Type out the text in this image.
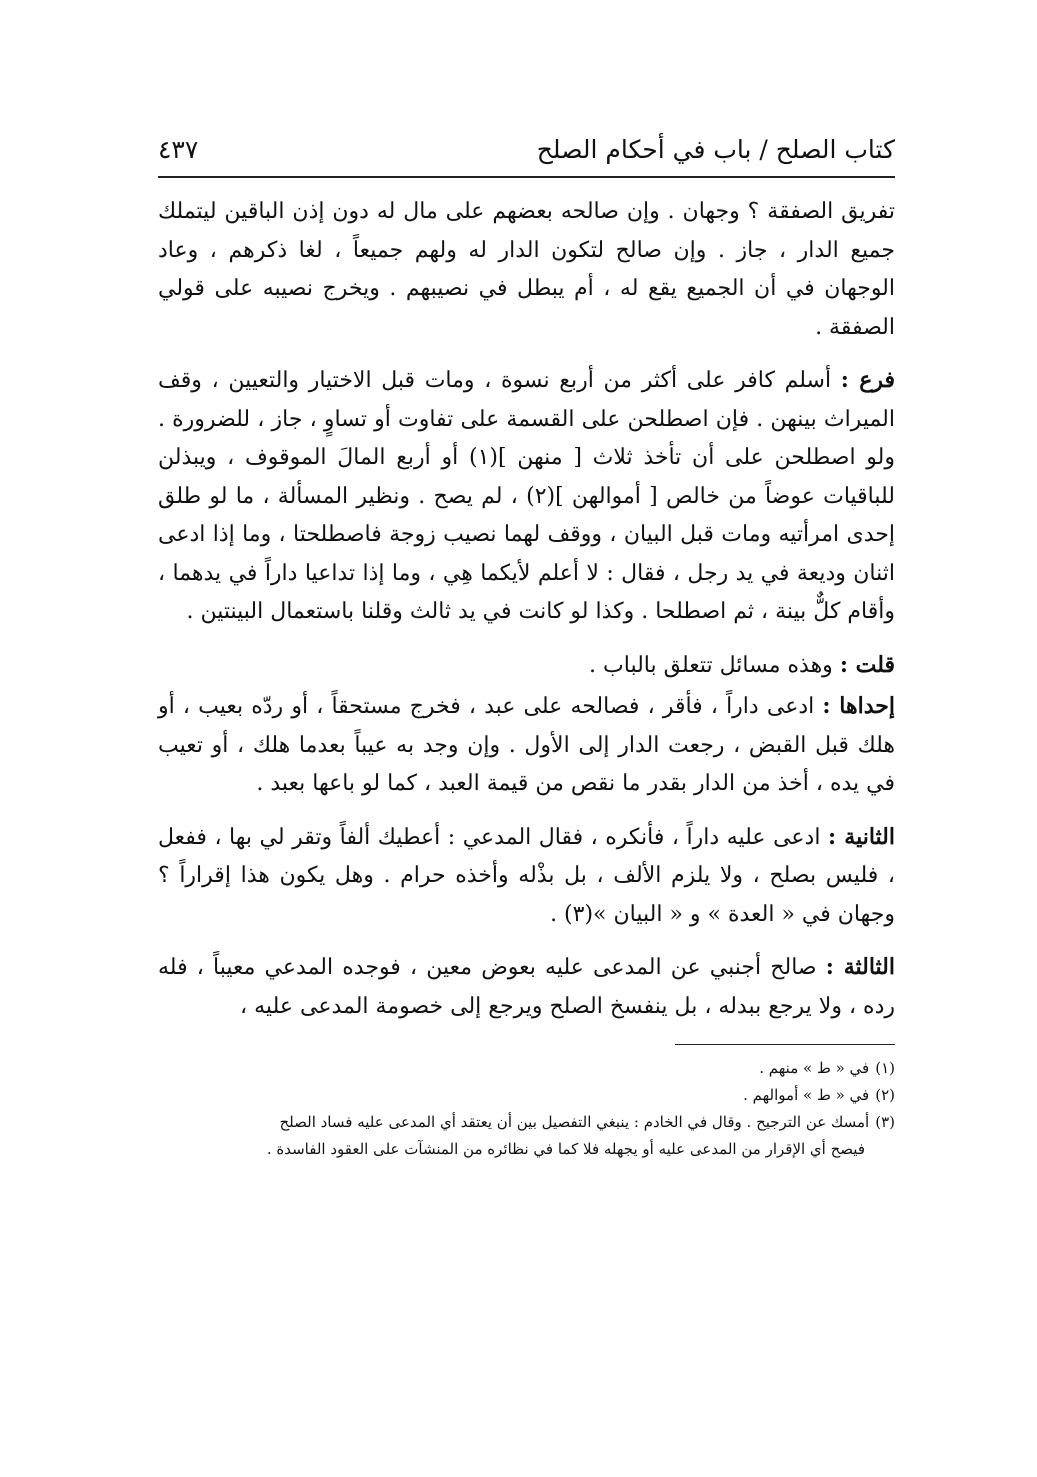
كتاب الصلح / باب في أحكام الصلح
٤٣٧

تفريق الصفقة ؟ وجهان . وإن صالحه بعضهم على مال له دون إذن الباقين ليتملك جميع الدار ، جاز . وإن صالح لتكون الدار له ولهم جميعاً ، لغا ذكرهم ، وعاد الوجهان في أن الجميع يقع له ، أم يبطل في نصيبهم . ويخرج نصيبه على قولي الصفقة .

فرع : أسلم كافر على أكثر من أربع نسوة ، ومات قبل الاختيار والتعيين ، وقف الميراث بينهن . فإن اصطلحن على القسمة على تفاوت أو تساوٍ ، جاز ، للضرورة . ولو اصطلحن على أن تأخذ ثلاث [ منهن ](١) أو أربع المالَ الموقوف ، ويبذلن للباقيات عوضاً من خالص [ أموالهن ](٢) ، لم يصح . ونظير المسألة ، ما لو طلق إحدى امرأتيه ومات قبل البيان ، ووقف لهما نصيب زوجة فاصطلحتا ، وما إذا ادعى اثنان وديعة في يد رجل ، فقال : لا أعلم لأيكما هِي ، وما إذا تداعيا داراً في يدهما ، وأقام كلٌّ بينة ، ثم اصطلحا . وكذا لو كانت في يد ثالث وقلنا باستعمال البينتين .

قلت : وهذه مسائل تتعلق بالباب .

إحداها : ادعى داراً ، فأقر ، فصالحه على عبد ، فخرج مستحقاً ، أو ردّه بعيب ، أو هلك قبل القبض ، رجعت الدار إلى الأول . وإن وجد به عيباً بعدما هلك ، أو تعيب في يده ، أخذ من الدار بقدر ما نقص من قيمة العبد ، كما لو باعها بعبد .

الثانية : ادعى عليه داراً ، فأنكره ، فقال المدعي : أعطيك ألفاً وتقر لي بها ، ففعل ، فليس بصلح ، ولا يلزم الألف ، بل بذْله وأخذه حرام . وهل يكون هذا إقراراً ؟ وجهان في « العدة » و « البيان »(٣) .

الثالثة : صالح أجنبي عن المدعى عليه بعوض معين ، فوجده المدعي معيباً ، فله رده ، ولا يرجع ببدله ، بل ينفسخ الصلح ويرجع إلى خصومة المدعى عليه ،

(١)في « ط » منهم .

(٢)في « ط » أموالهم .

(٣)أمسك عن الترجيح . وقال في الخادم : ينبغي التفصيل بين أن يعتقد أي المدعى عليه فساد الصلح

فيصح أي الإقرار من المدعى عليه أو يجهله فلا كما في نظائره من المنشآت على العقود الفاسدة .
